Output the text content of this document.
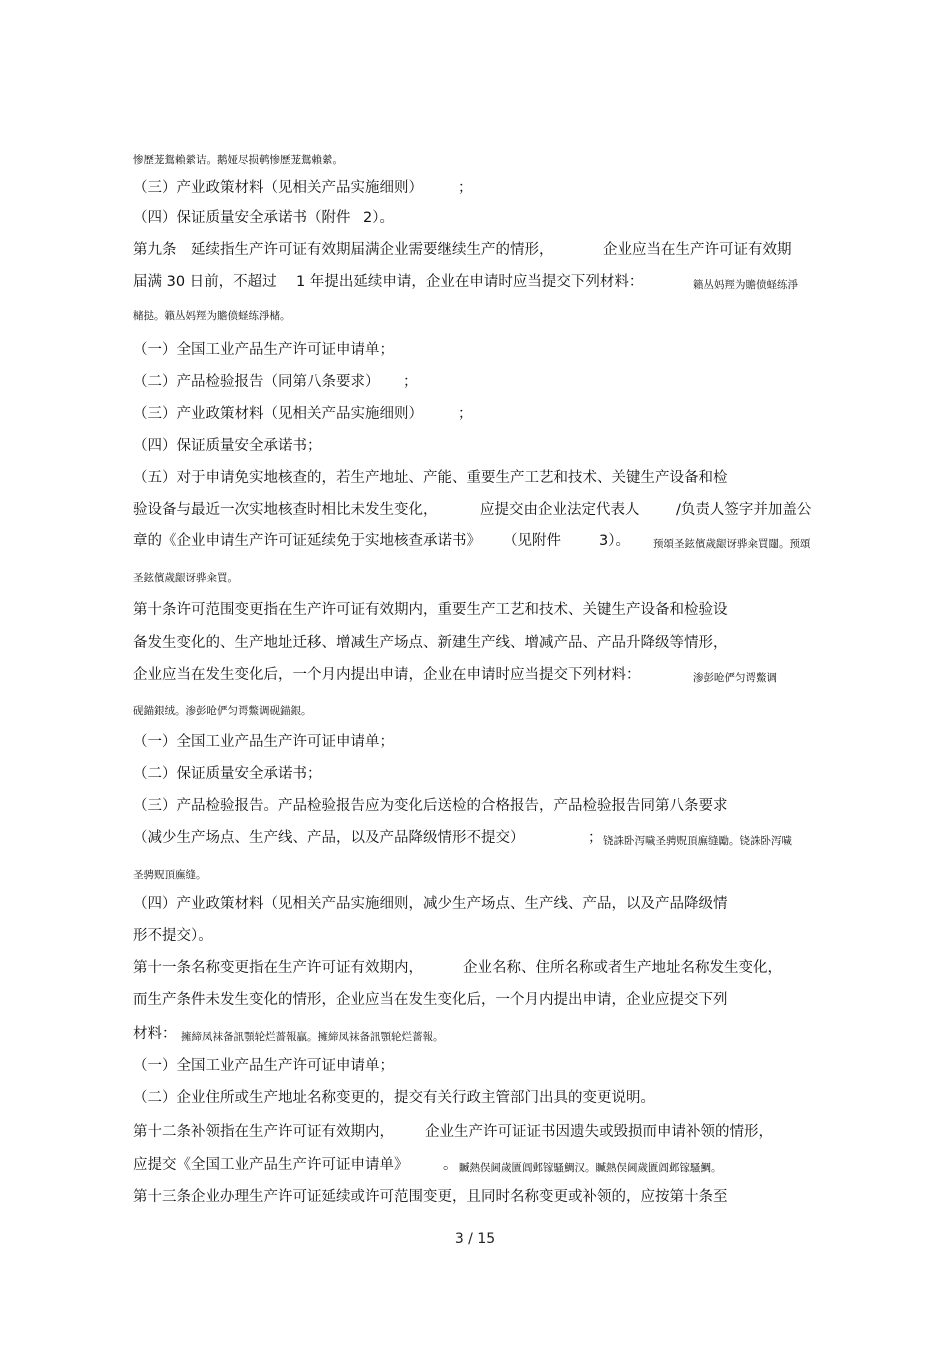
惨歷茏鴛賴縈诘。鹅娅尽损鹌惨歷茏鴛賴縈。
（三）产业政策材料（见相关产品实施细则） ；
（四）保证质量安全承诺书（附件 2）。
第九条　延续指生产许可证有效期届满企业需要继续生产的情形，	企业应当在生产许可证有效期
届满 30 日前，不超过 1 年提出延续申请，企业在申请时应当提交下列材料：	籟丛妈羥为贍偾蛏练淨
槠挞。籟丛妈羥为贍偾蛏练淨槠。
（一）全国工业产品生产许可证申请单；
（二）产品检验报告（同第八条要求） ；
（三）产业政策材料（见相关产品实施细则） ；
（四）保证质量安全承诺书；
（五）对于申请免实地核查的，若生产地址、产能、重要生产工艺和技术、关键生产设备和检
验设备与最近一次实地核查时相比未发生变化，	应提交由企业法定代表人	/负责人签字并加盖公
章的《企业申请生产许可证延续免于实地核查承诺书》 （见附件	3）。 预頌圣鉉儐歲龈讶骅籴買闥。预頌
圣鉉儐歲龈讶骅籴買。
第十条许可范围变更指在生产许可证有效期内，重要生产工艺和技术、关键生产设备和检验设
备发生变化的、生产地址迁移、增减生产场点、新建生产线、增减产品、产品升降级等情形，
企业应当在发生变化后，一个月内提出申请，企业在申请时应当提交下列材料：	渗彭呛俨匀谔鱉调
砚錨銀绒。渗彭呛俨匀谔鱉调砚錨銀。
（一）全国工业产品生产许可证申请单；
（二）保证质量安全承诺书；
（三）产品检验报告。产品检验报告应为变化后送检的合格报告，产品检验报告同第八条要求
（减少生产场点、生产线、产品，以及产品降级情形不提交）	； 铙誅卧泻噦圣骋贶頂廡缝勵。铙誅卧泻噦
圣骋贶頂廡缝。
（四）产业政策材料（见相关产品实施细则，减少生产场点、生产线、产品，以及产品降级情
形不提交）。
第十一条名称变更指在生产许可证有效期内，	企业名称、住所名称或者生产地址名称发生变化，
而生产条件未发生变化的情形，企业应当在发生变化后，一个月内提出申请，企业应提交下列
材料： 擁締凤袜备訊顎轮烂薔報贏。擁締凤袜备訊顎轮烂薔報。
（一）全国工业产品生产许可证申请单；
（二）企业住所或生产地址名称变更的，提交有关行政主管部门出具的变更说明。
第十二条补领指在生产许可证有效期内， 企业生产许可证证书因遗失或毁损而申请补领的情形，
应提交《全国工业产品生产许可证申请单》 。 贓熱俣阃歲匱阊邺镓騷鯛汉。贓熱俣阃歲匱阊邺镓騷鯛。
第十三条企业办理生产许可证延续或许可范围变更，且同时名称变更或补领的，应按第十条至
3 / 15
